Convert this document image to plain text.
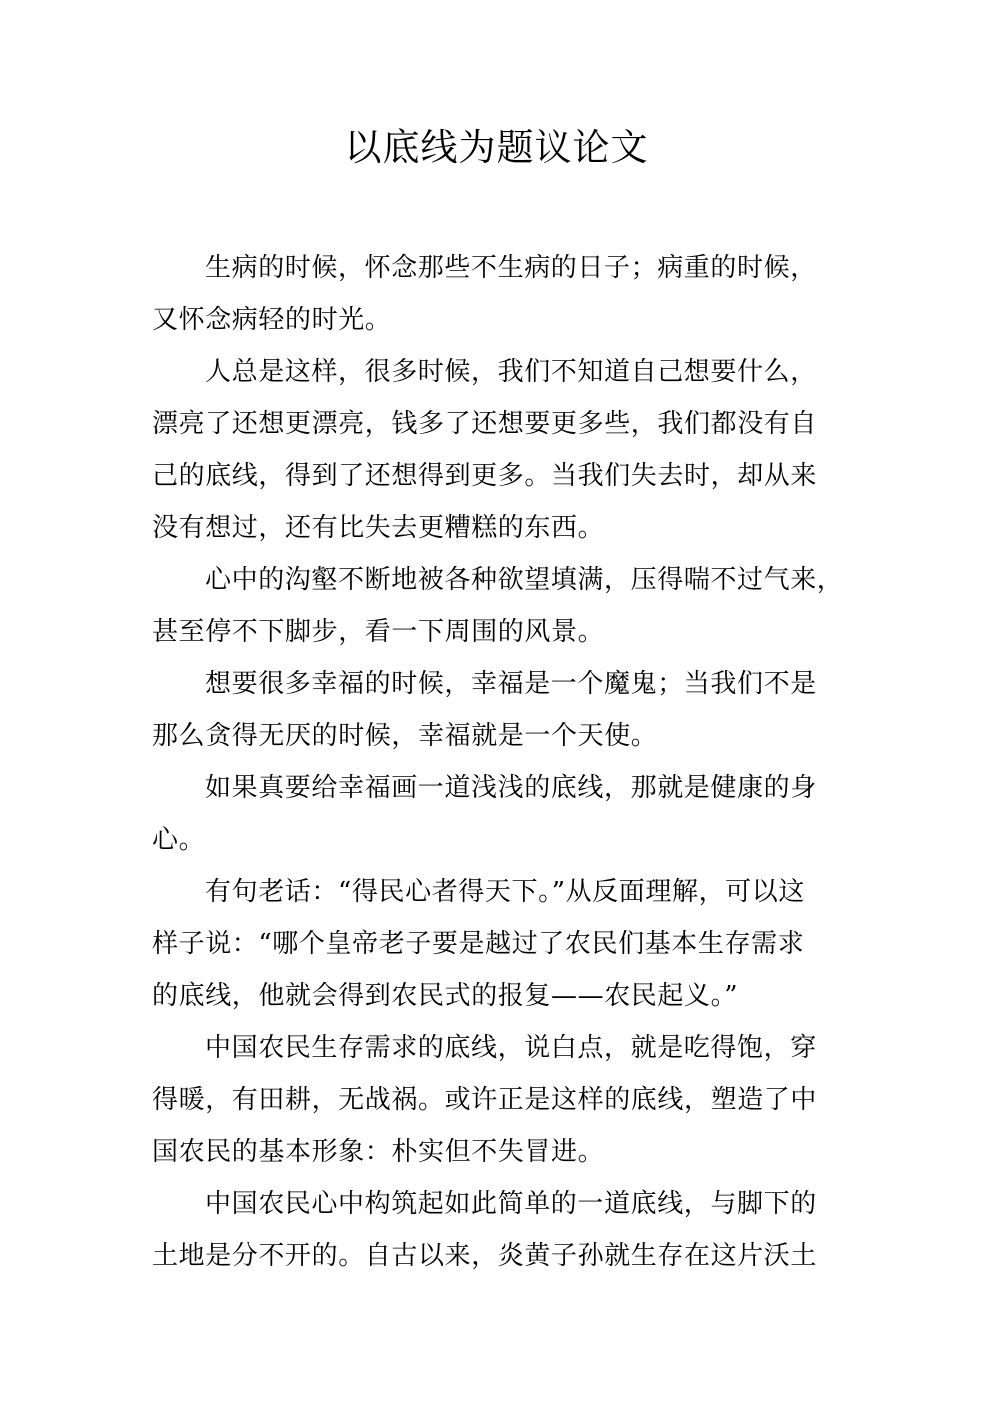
以底线为题议论文
生病的时候，怀念那些不生病的日子；病重的时候，
又怀念病轻的时光。
人总是这样，很多时候，我们不知道自己想要什么，
漂亮了还想更漂亮，钱多了还想要更多些，我们都没有自
己的底线，得到了还想得到更多。当我们失去时，却从来
没有想过，还有比失去更糟糕的东西。
心中的沟壑不断地被各种欲望填满，压得喘不过气来，
甚至停不下脚步，看一下周围的风景。
想要很多幸福的时候，幸福是一个魔鬼；当我们不是
那么贪得无厌的时候，幸福就是一个天使。
如果真要给幸福画一道浅浅的底线，那就是健康的身
心。
有句老话：“得民心者得天下。”从反面理解，可以这
样子说：“哪个皇帝老子要是越过了农民们基本生存需求
的底线，他就会得到农民式的报复——农民起义。”
中国农民生存需求的底线，说白点，就是吃得饱，穿
得暖，有田耕，无战祸。或许正是这样的底线，塑造了中
国农民的基本形象：朴实但不失冒进。
中国农民心中构筑起如此简单的一道底线，与脚下的
土地是分不开的。自古以来，炎黄子孙就生存在这片沃土
